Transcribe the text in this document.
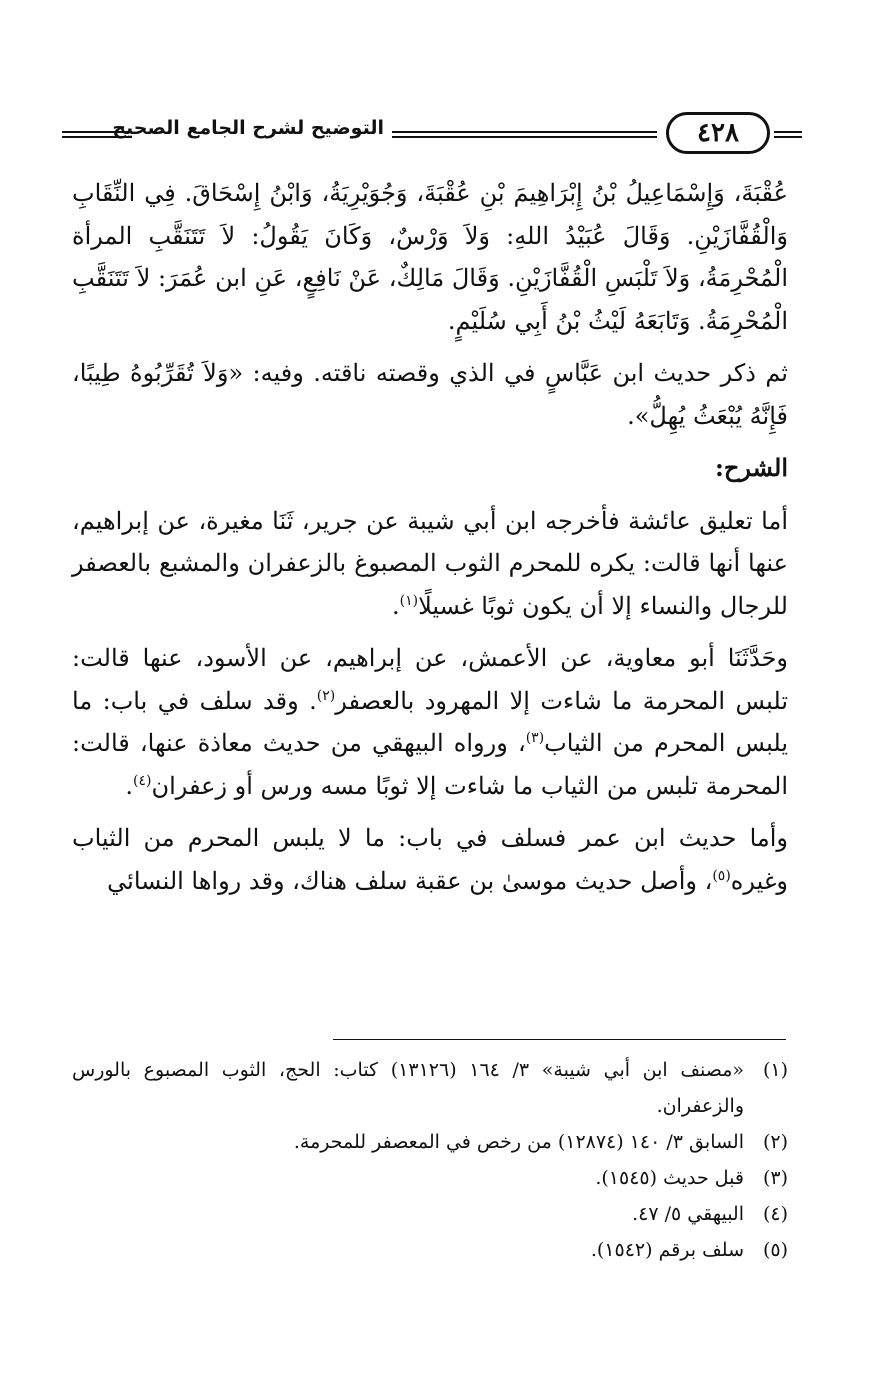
التوضيح لشرح الجامع الصحيح	٤٢٨

عُقْبَةَ، وَإِسْمَاعِيلُ بْنُ إِبْرَاهِيمَ بْنِ عُقْبَةَ، وَجُوَيْرِيَةُ، وَابْنُ إِسْحَاقَ. فِي النِّقَابِ وَالْقُفَّازَيْنِ. وَقَالَ عُبَيْدُ اللهِ: وَلاَ وَرْسٌ، وَكَانَ يَقُولُ: لاَ تَتَنَقَّبِ المرأة الْمُحْرِمَةُ، وَلاَ تَلْبَسِ الْقُفَّازَيْنِ. وَقَالَ مَالِكٌ، عَنْ نَافِعٍ، عَنِ ابن عُمَرَ: لاَ تَتَنَقَّبِ الْمُحْرِمَةُ. وَتَابَعَهُ لَيْثُ بْنُ أَبِي سُلَيْمٍ.

ثم ذكر حديث ابن عَبَّاسٍ في الذي وقصته ناقته. وفيه: «وَلاَ تُقَرِّبُوهُ طِيبًا، فَإِنَّهُ يُبْعَثُ يُهِلُّ».

الشرح:

أما تعليق عائشة فأخرجه ابن أبي شيبة عن جرير، ثَنَا مغيرة، عن إبراهيم، عنها أنها قالت: يكره للمحرم الثوب المصبوغ بالزعفران والمشبع بالعصفر للرجال والنساء إلا أن يكون ثوبًا غسيلًا$^{(١)}$.

وحَدَّثَنَا أبو معاوية، عن الأعمش، عن إبراهيم، عن الأسود، عنها قالت: تلبس المحرمة ما شاءت إلا المهرود بالعصفر$^{(٢)}$. وقد سلف في باب: ما يلبس المحرم من الثياب$^{(٣)}$، ورواه البيهقي من حديث معاذة عنها، قالت: المحرمة تلبس من الثياب ما شاءت إلا ثوبًا مسه ورس أو زعفران$^{(٤)}$.

وأما حديث ابن عمر فسلف في باب: ما لا يلبس المحرم من الثياب وغيره$^{(٥)}$، وأصل حديث موسىٰ بن عقبة سلف هناك، وقد رواها النسائي

(١)
«مصنف ابن أبي شيبة» ٣/ ١٦٤ (١٣١٢٦) كتاب: الحج، الثوب المصبوع بالورس والزعفران.
(٢)
السابق ٣/ ١٤٠ (١٢٨٧٤) من رخص في المعصفر للمحرمة.
(٣)
قبل حديث (١٥٤٥).
(٤)
البيهقي ٥/ ٤٧.
(٥)
سلف برقم (١٥٤٢).
